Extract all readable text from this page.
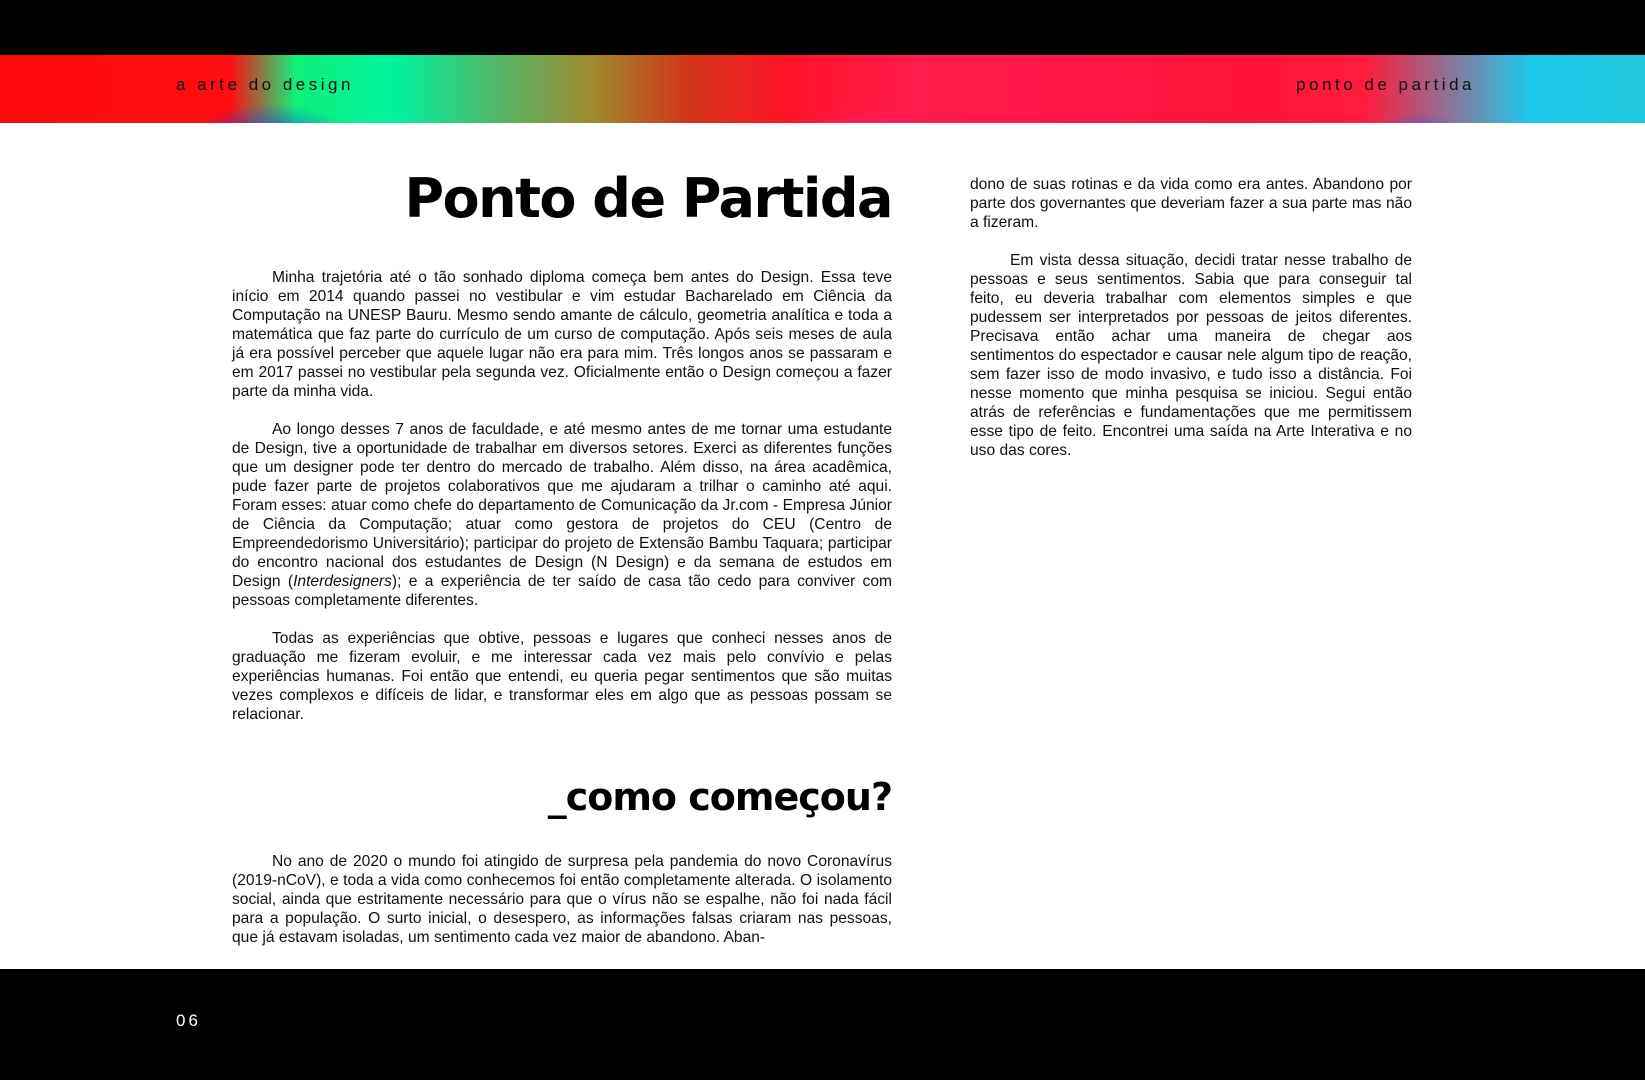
a arte do design	ponto de partida
Ponto de Partida

Minha trajetória até o tão sonhado diploma começa bem antes do Design. Essa teve início em 2014 quando passei no vestibular e vim estudar Bacharelado em Ciência da Computação na UNESP Bauru. Mesmo sendo amante de cálculo, geometria analítica e toda a matemática que faz parte do currículo de um curso de computação. Após seis meses de aula já era possível perceber que aquele lugar não era para mim. Três longos anos se passaram e em 2017 passei no vestibular pela segunda vez. Oficialmente então o Design começou a fazer parte da minha vida.

Ao longo desses 7 anos de faculdade, e até mesmo antes de me tornar uma estudante de Design, tive a oportunidade de trabalhar em diversos setores. Exerci as diferentes funções que um designer pode ter dentro do mercado de trabalho. Além disso, na área acadêmica, pude fazer parte de projetos colaborativos que me ajudaram a trilhar o caminho até aqui. Foram esses: atuar como chefe do departamento de Comunicação da Jr.com - Empresa Júnior de Ciência da Computação; atuar como gestora de projetos do CEU (Centro de Empreendedorismo Universitário); participar do projeto de Extensão Bambu Taquara; participar do encontro nacional dos estudantes de Design (N Design) e da semana de estudos em Design (Interdesigners); e a experiência de ter saído de casa tão cedo para conviver com pessoas completamente diferentes.

Todas as experiências que obtive, pessoas e lugares que conheci nesses anos de graduação me fizeram evoluir, e me interessar cada vez mais pelo convívio e pelas experiências humanas. Foi então que entendi, eu queria pegar sentimentos que são muitas vezes complexos e difíceis de lidar, e transformar eles em algo que as pessoas possam se relacionar.

_como começou?

No ano de 2020 o mundo foi atingido de surpresa pela pandemia do novo Coronavírus (2019-nCoV), e toda a vida como conhecemos foi então completamente alterada. O isolamento social, ainda que estritamente necessário para que o vírus não se espalhe, não foi nada fácil para a população. O surto inicial, o desespero, as informações falsas criaram nas pessoas, que já estavam isoladas, um sentimento cada vez maior de abandono. Aban-

dono de suas rotinas e da vida como era antes. Abandono por parte dos governantes que deveriam fazer a sua parte mas não a fizeram.

Em vista dessa situação, decidi tratar nesse trabalho de pessoas e seus sentimentos. Sabia que para conseguir tal feito, eu deveria trabalhar com elementos simples e que pudessem ser interpretados por pessoas de jeitos diferentes. Precisava então achar uma maneira de chegar aos sentimentos do espectador e causar nele algum tipo de reação, sem fazer isso de modo invasivo, e tudo isso a distância. Foi nesse momento que minha pesquisa se iniciou. Segui então atrás de referências e fundamentações que me permitissem esse tipo de feito. Encontrei uma saída na Arte Interativa e no uso das cores.

06
